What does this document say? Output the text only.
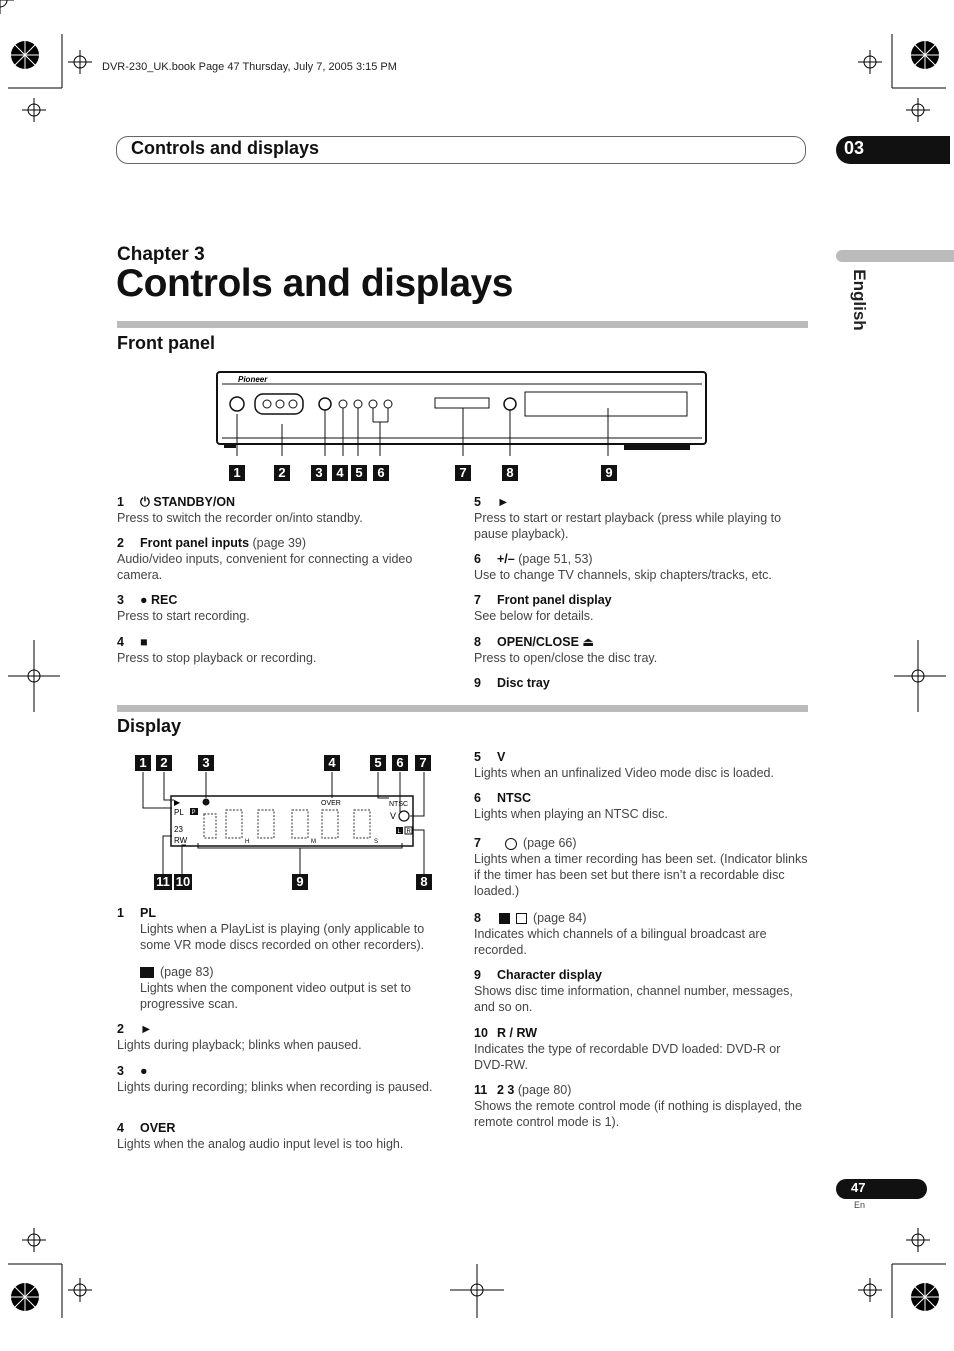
DVR-230_UK.book Page 47 Thursday, July 7, 2005 3:15 PM
Controls and displays	03
English
Chapter 3
Controls and displays
Front panel
Pioneer
1	2	3	4 5	6	7	8	9
1 ⏻ STANDBY/ON
Press to switch the recorder on/into standby.
2 Front panel inputs (page 39)
Audio/video inputs, convenient for connecting a video camera.
3 ● REC
Press to start recording.
4 ■
Press to stop playback or recording.
5 ►
Press to start or restart playback (press while playing to pause playback).
6 +/– (page 51, 53)
Use to change TV channels, skip chapters/tracks, etc.
7 Front panel display
See below for details.
8 OPEN/CLOSE ⏏
Press to open/close the disc tray.
9 Disc tray
Display
▶
PL P
23
RW
OVER	NTSC
V
L R
H	M	S
1	2	3	4	5	6	7
11 10	9	8
1 PL
Lights when a PlayList is playing (only applicable to some VR mode discs recorded on other recorders).
(page 83)
Lights when the component video output is set to progressive scan.
2 ►
Lights during playback; blinks when paused.
3 ●
Lights during recording; blinks when recording is paused.
4 OVER
Lights when the analog audio input level is too high.
5 V
Lights when an unfinalized Video mode disc is loaded.
6 NTSC
Lights when playing an NTSC disc.
7	(page 66)
Lights when a timer recording has been set. (Indicator blinks if the timer has been set but there isn’t a recordable disc loaded.)
8	(page 84)
Indicates which channels of a bilingual broadcast are recorded.
9 Character display
Shows disc time information, channel number, messages, and so on.
10 R / RW
Indicates the type of recordable DVD loaded: DVD-R or DVD-RW.
11 2 3 (page 80)
Shows the remote control mode (if nothing is displayed, the remote control mode is 1).
47
En
